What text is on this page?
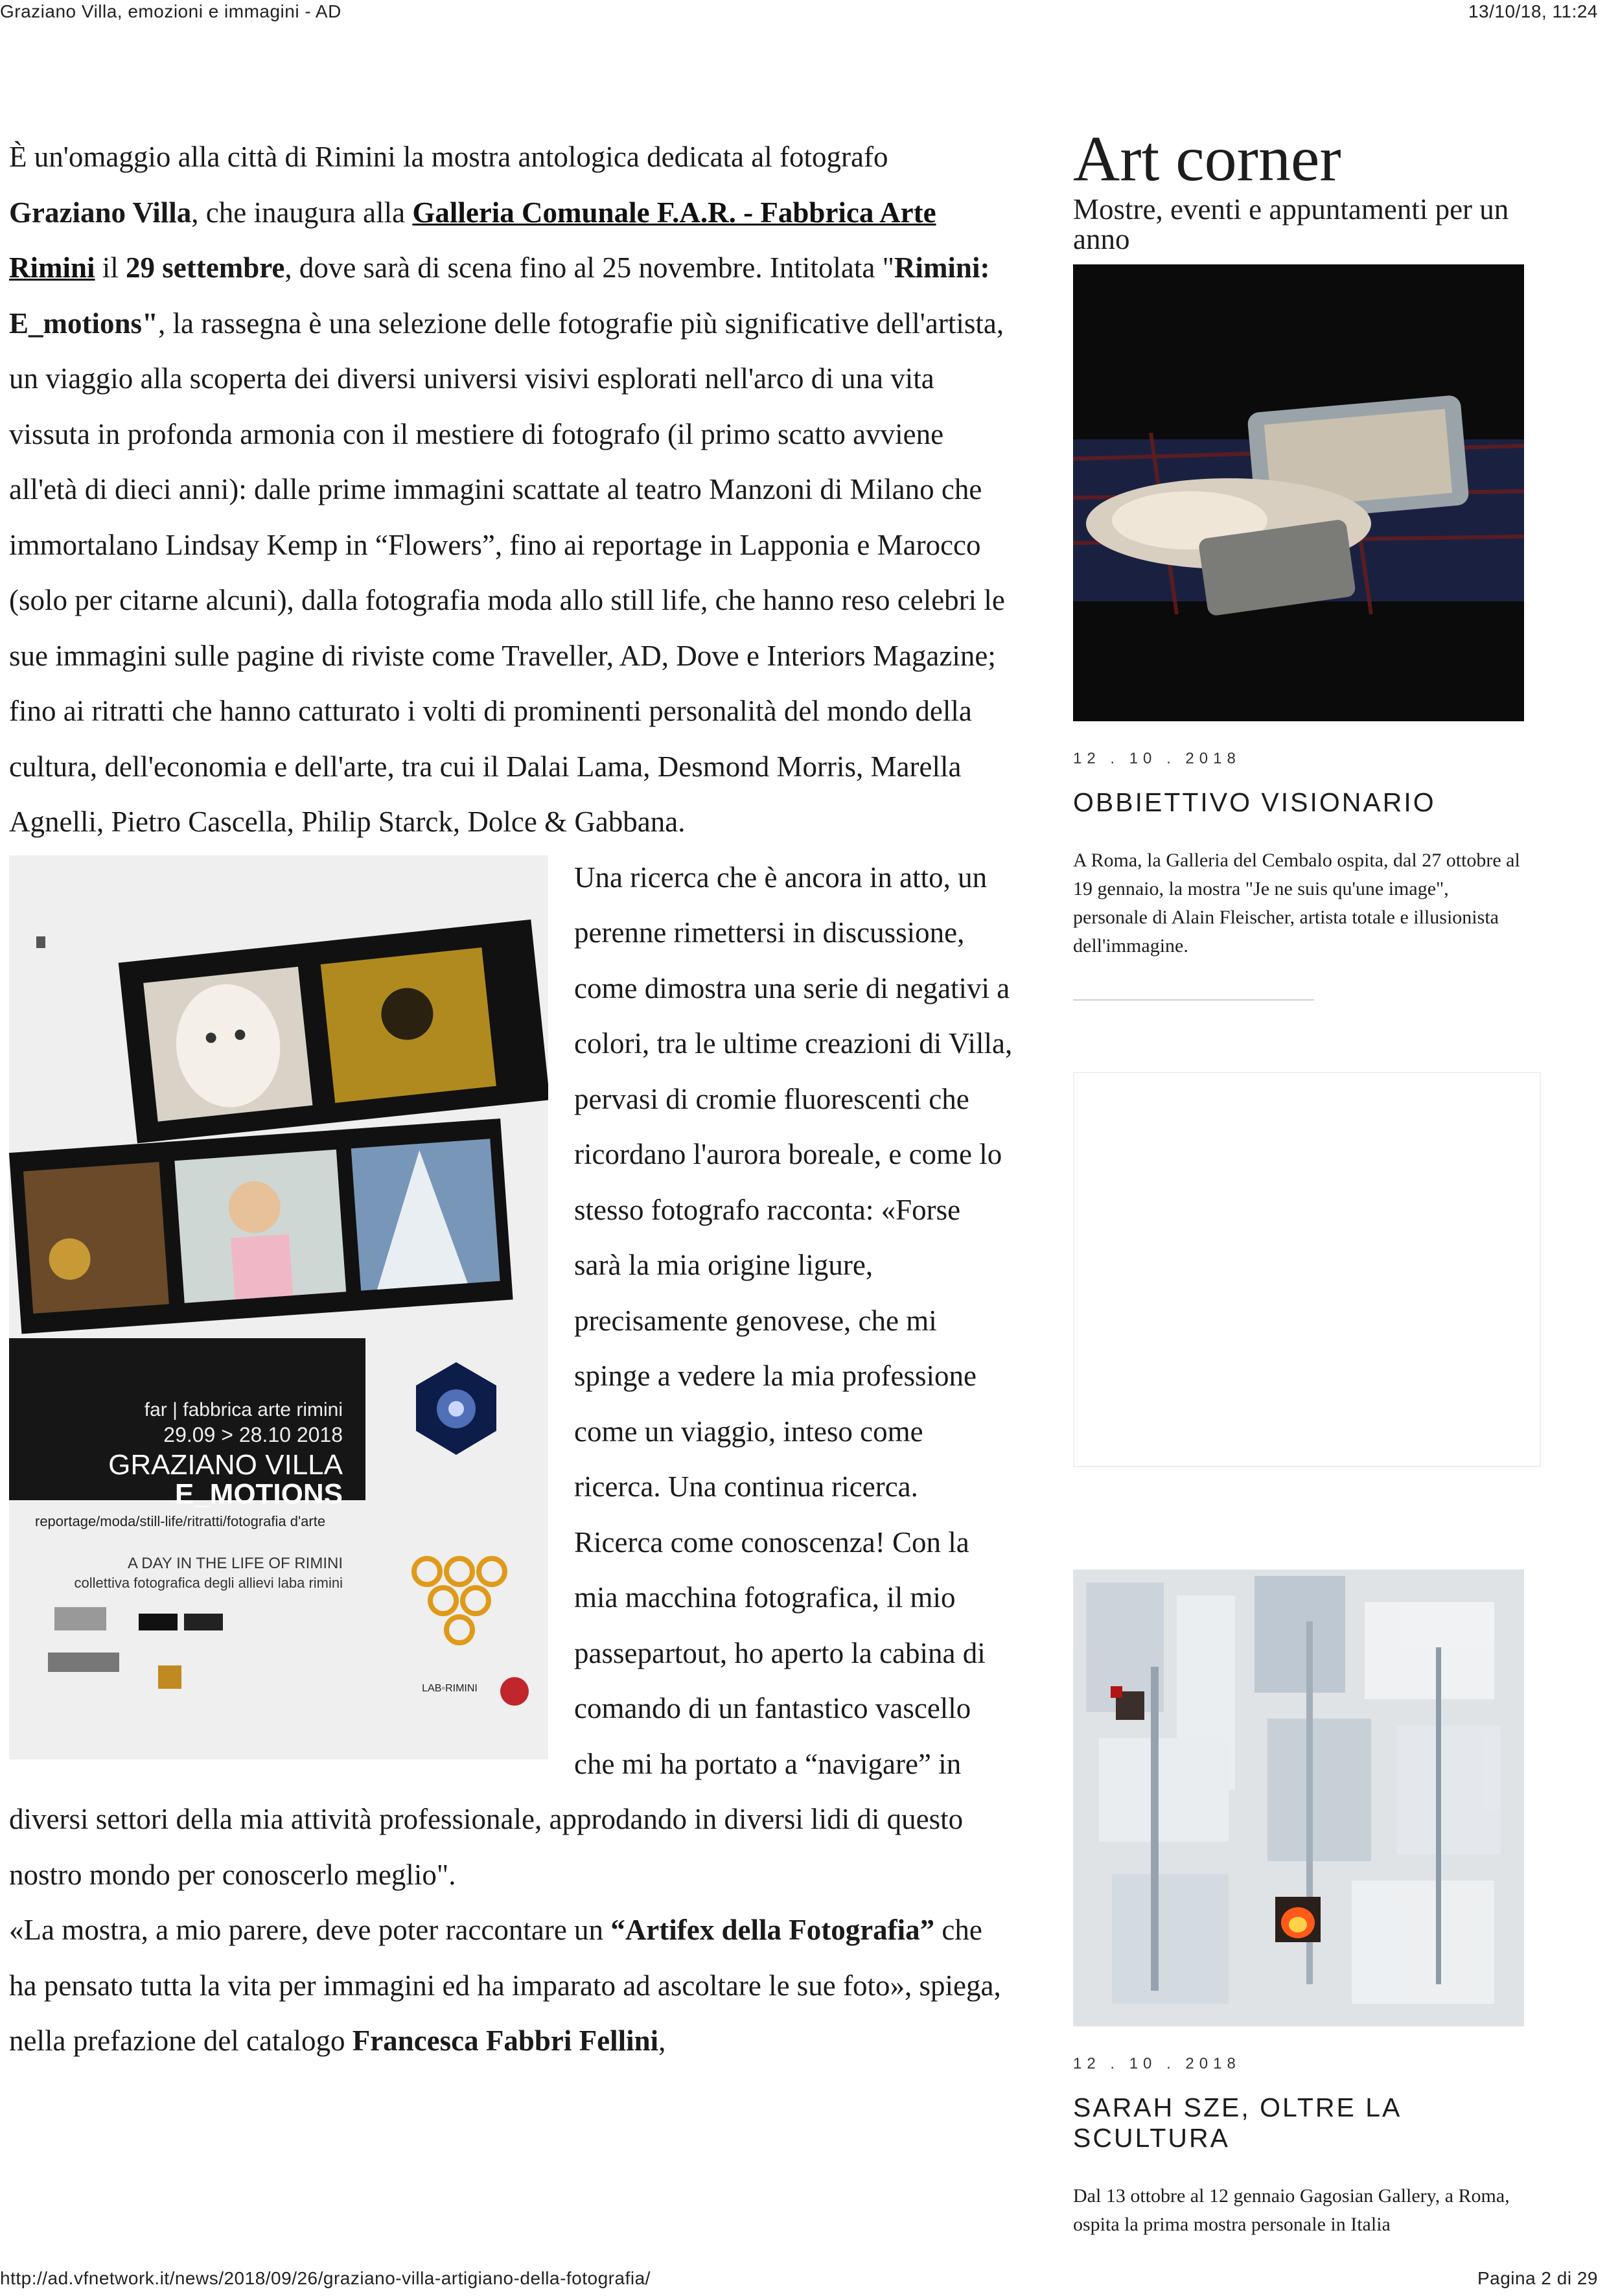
Graziano Villa, emozioni e immagini - AD	13/10/18, 11:24

È un'omaggio alla città di Rimini la mostra antologica dedicata al fotografo Graziano Villa, che inaugura alla Galleria Comunale F.A.R. - Fabbrica Arte Rimini il 29 settembre, dove sarà di scena fino al 25 novembre. Intitolata "Rimini: E_motions", la rassegna è una selezione delle fotografie più significative dell'artista, un viaggio alla scoperta dei diversi universi visivi esplorati nell'arco di una vita vissuta in profonda armonia con il mestiere di fotografo (il primo scatto avviene all'età di dieci anni): dalle prime immagini scattate al teatro Manzoni di Milano che immortalano Lindsay Kemp in “Flowers”, fino ai reportage in Lapponia e Marocco (solo per citarne alcuni), dalla fotografia moda allo still life, che hanno reso celebri le sue immagini sulle pagine di riviste come Traveller, AD, Dove e Interiors Magazine; fino ai ritratti che hanno catturato i volti di prominenti personalità del mondo della cultura, dell'economia e dell'arte, tra cui il Dalai Lama, Desmond Morris, Marella Agnelli, Pietro Cascella, Philip Starck, Dolce & Gabbana.

far | fabbrica arte rimini
29.09 > 28.10 2018
GRAZIANO VILLA
E_MOTIONS
reportage/moda/still-life/ritratti/fotografia d'arte
A DAY IN THE LIFE OF RIMINI
collettiva fotografica degli allievi laba rimini
LAB◦RIMINI

Una ricerca che è ancora in atto, un perenne rimettersi in discussione, come dimostra una serie di negativi a colori, tra le ultime creazioni di Villa, pervasi di cromie fluorescenti che ricordano l'aurora boreale, e come lo stesso fotografo racconta: «Forse sarà la mia origine ligure, precisamente genovese, che mi spinge a vedere la mia professione come un viaggio, inteso come ricerca. Una continua ricerca. Ricerca come conoscenza! Con la mia macchina fotografica, il mio passepartout, ho aperto la cabina di comando di un fantastico vascello che mi ha portato a “navigare” in diversi settori della mia attività professionale, approdando in diversi lidi di questo nostro mondo per conoscerlo meglio".

«La mostra, a mio parere, deve poter raccontare un “Artifex della Fotografia” che ha pensato tutta la vita per immagini ed ha imparato ad ascoltare le sue foto», spiega, nella prefazione del catalogo Francesca Fabbri Fellini,

Art corner

Mostre, eventi e appuntamenti per un anno

12 . 10 . 2018
OBBIETTIVO VISIONARIO
A Roma, la Galleria del Cembalo ospita, dal 27 ottobre al 19 gennaio, la mostra "Je ne suis qu'une image", personale di Alain Fleischer, artista totale e illusionista dell'immagine.
12 . 10 . 2018
SARAH SZE, OLTRE LA SCULTURA
Dal 13 ottobre al 12 gennaio Gagosian Gallery, a Roma, ospita la prima mostra personale in Italia
http://ad.vfnetwork.it/news/2018/09/26/graziano-villa-artigiano-della-fotografia/	Pagina 2 di 29
